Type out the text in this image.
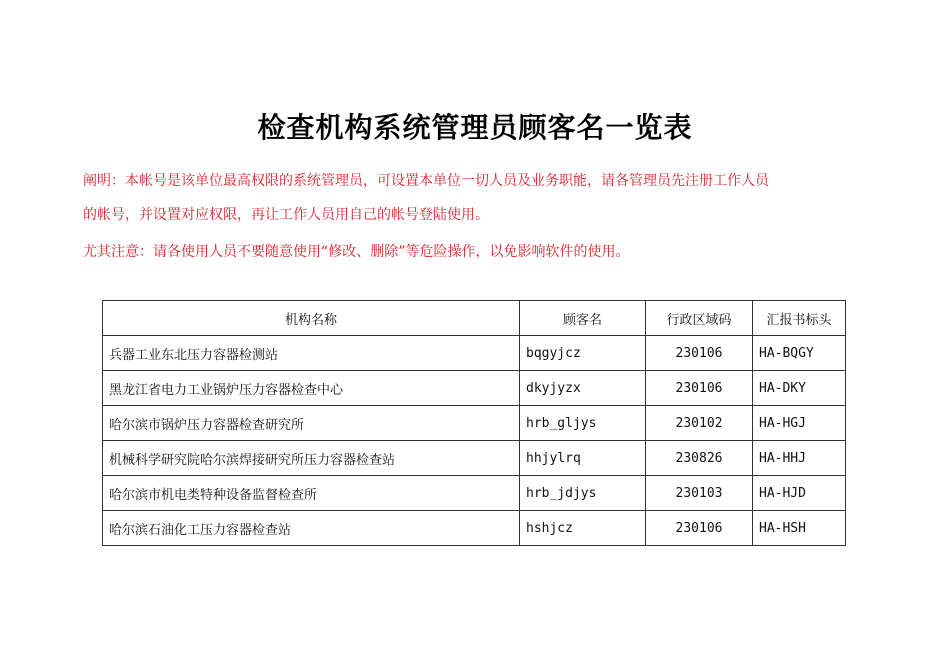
检查机构系统管理员顾客名一览表
阐明：本帐号是该单位最高权限的系统管理员，可设置本单位一切人员及业务职能，请各管理员先注册工作人员
的帐号，并设置对应权限，再让工作人员用自己的帐号登陆使用。
尤其注意：请各使用人员不要随意使用“修改、删除”等危险操作，以免影响软件的使用。
机构名称	顾客名	行政区域码	汇报书标头
兵器工业东北压力容器检测站	bqgyjcz	230106	HA-BQGY
黑龙江省电力工业锅炉压力容器检查中心	dkyjyzx	230106	HA-DKY
哈尔滨市锅炉压力容器检查研究所	hrb_gljys	230102	HA-HGJ
机械科学研究院哈尔滨焊接研究所压力容器检查站	hhjylrq	230826	HA-HHJ
哈尔滨市机电类特种设备监督检查所	hrb_jdjys	230103	HA-HJD
哈尔滨石油化工压力容器检查站	hshjcz	230106	HA-HSH
